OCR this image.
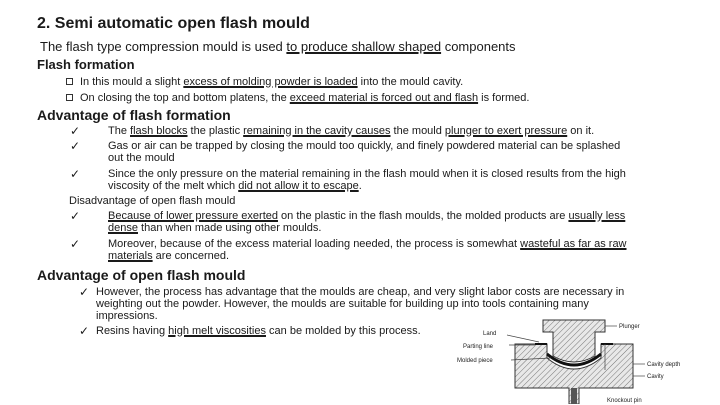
2. Semi automatic open flash mould
The flash type compression mould is used to produce shallow shaped components
Flash formation
In this mould a slight excess of molding powder is loaded into the mould cavity.
On closing the top and bottom platens, the exceed material is forced out and flash is formed.
Advantage of flash formation
✓	The flash blocks the plastic remaining in the cavity causes the mould plunger to exert pressure on it.
✓	Gas or air can be trapped by closing the mould too quickly, and finely powdered material can be splashed
out the mould
✓	Since the only pressure on the material remaining in the flash mould when it is closed results from the high
viscosity of the melt which did not allow it to escape.
Disadvantage of open flash mould
✓	Because of lower pressure exerted on the plastic in the flash moulds, the molded products are usually less
dense than when made using other moulds.
✓	Moreover, because of the excess material loading needed, the process is somewhat wasteful as far as raw
materials are concerned.
Advantage of open flash mould
✓ However, the process has advantage that the moulds are cheap, and very slight labor costs are necessary in
weighting out the powder. However, the moulds are suitable for building up into tools containing many
impressions.
✓ Resins having high melt viscosities can be molded by this process.	Land
Parting line
Molded piece
Plunger
Cavity depth
Cavity
Knockout pin
